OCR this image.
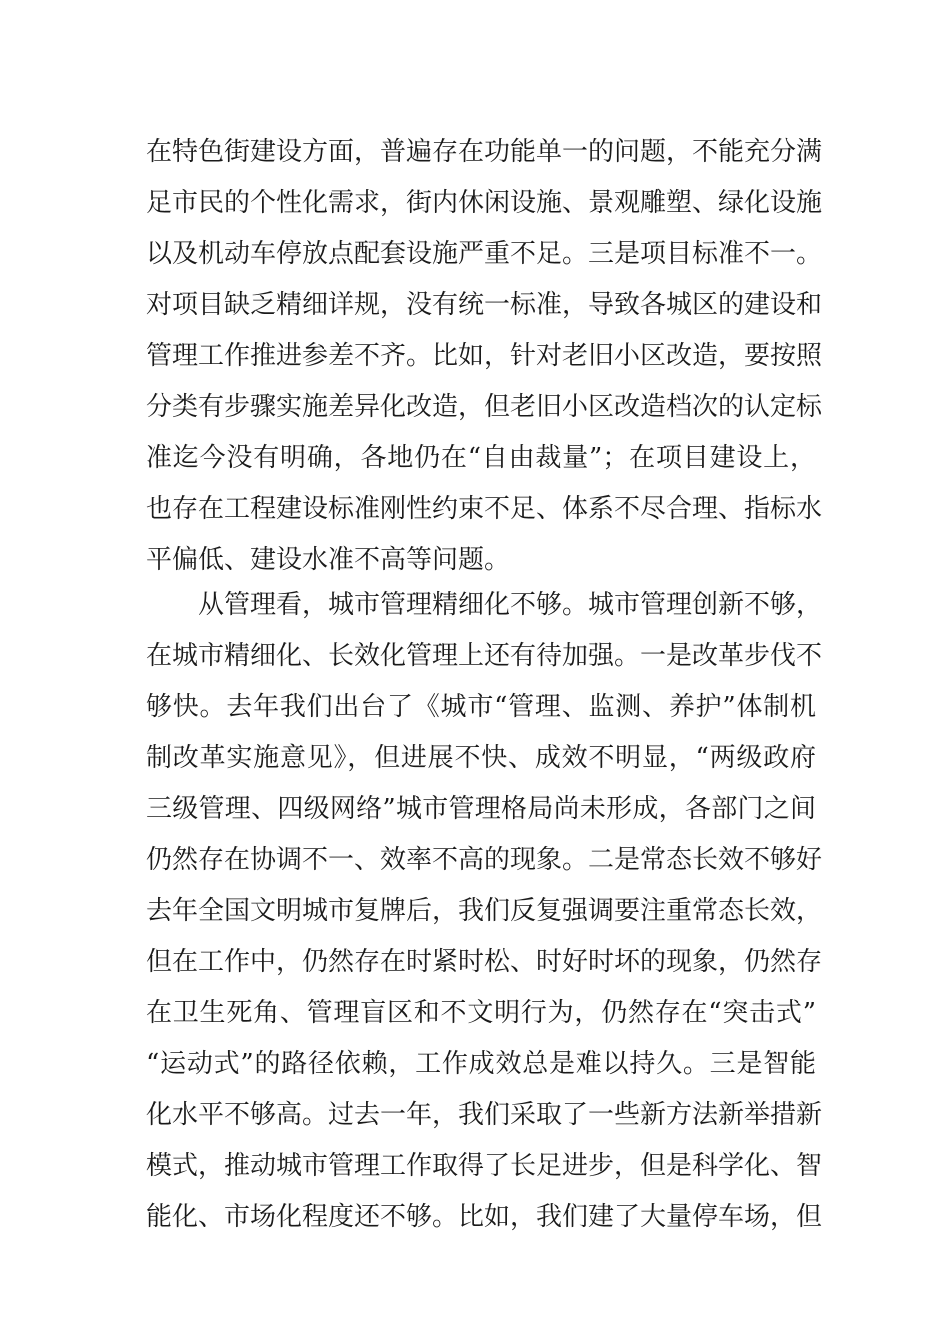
在特色街建设方面，普遍存在功能单一的问题，不能充分满
足市民的个性化需求，街内休闲设施、景观雕塑、绿化设施
以及机动车停放点配套设施严重不足。三是项目标准不一。
对项目缺乏精细详规，没有统一标准，导致各城区的建设和
管理工作推进参差不齐。比如，针对老旧小区改造，要按照
分类有步骤实施差异化改造，但老旧小区改造档次的认定标
准迄今没有明确，各地仍在“自由裁量”；在项目建设上，
也存在工程建设标准刚性约束不足、体系不尽合理、指标水
平偏低、建设水准不高等问题。
从管理看，城市管理精细化不够。城市管理创新不够，
在城市精细化、长效化管理上还有待加强。一是改革步伐不
够快。去年我们出台了《城市“管理、监测、养护”体制机
制改革实施意见》，但进展不快、成效不明显，“两级政府
三级管理、四级网络”城市管理格局尚未形成，各部门之间
仍然存在协调不一、效率不高的现象。二是常态长效不够好
去年全国文明城市复牌后，我们反复强调要注重常态长效，
但在工作中，仍然存在时紧时松、时好时坏的现象，仍然存
在卫生死角、管理盲区和不文明行为，仍然存在“突击式”
“运动式”的路径依赖，工作成效总是难以持久。三是智能
化水平不够高。过去一年，我们采取了一些新方法新举措新
模式，推动城市管理工作取得了长足进步，但是科学化、智
能化、市场化程度还不够。比如，我们建了大量停车场，但
